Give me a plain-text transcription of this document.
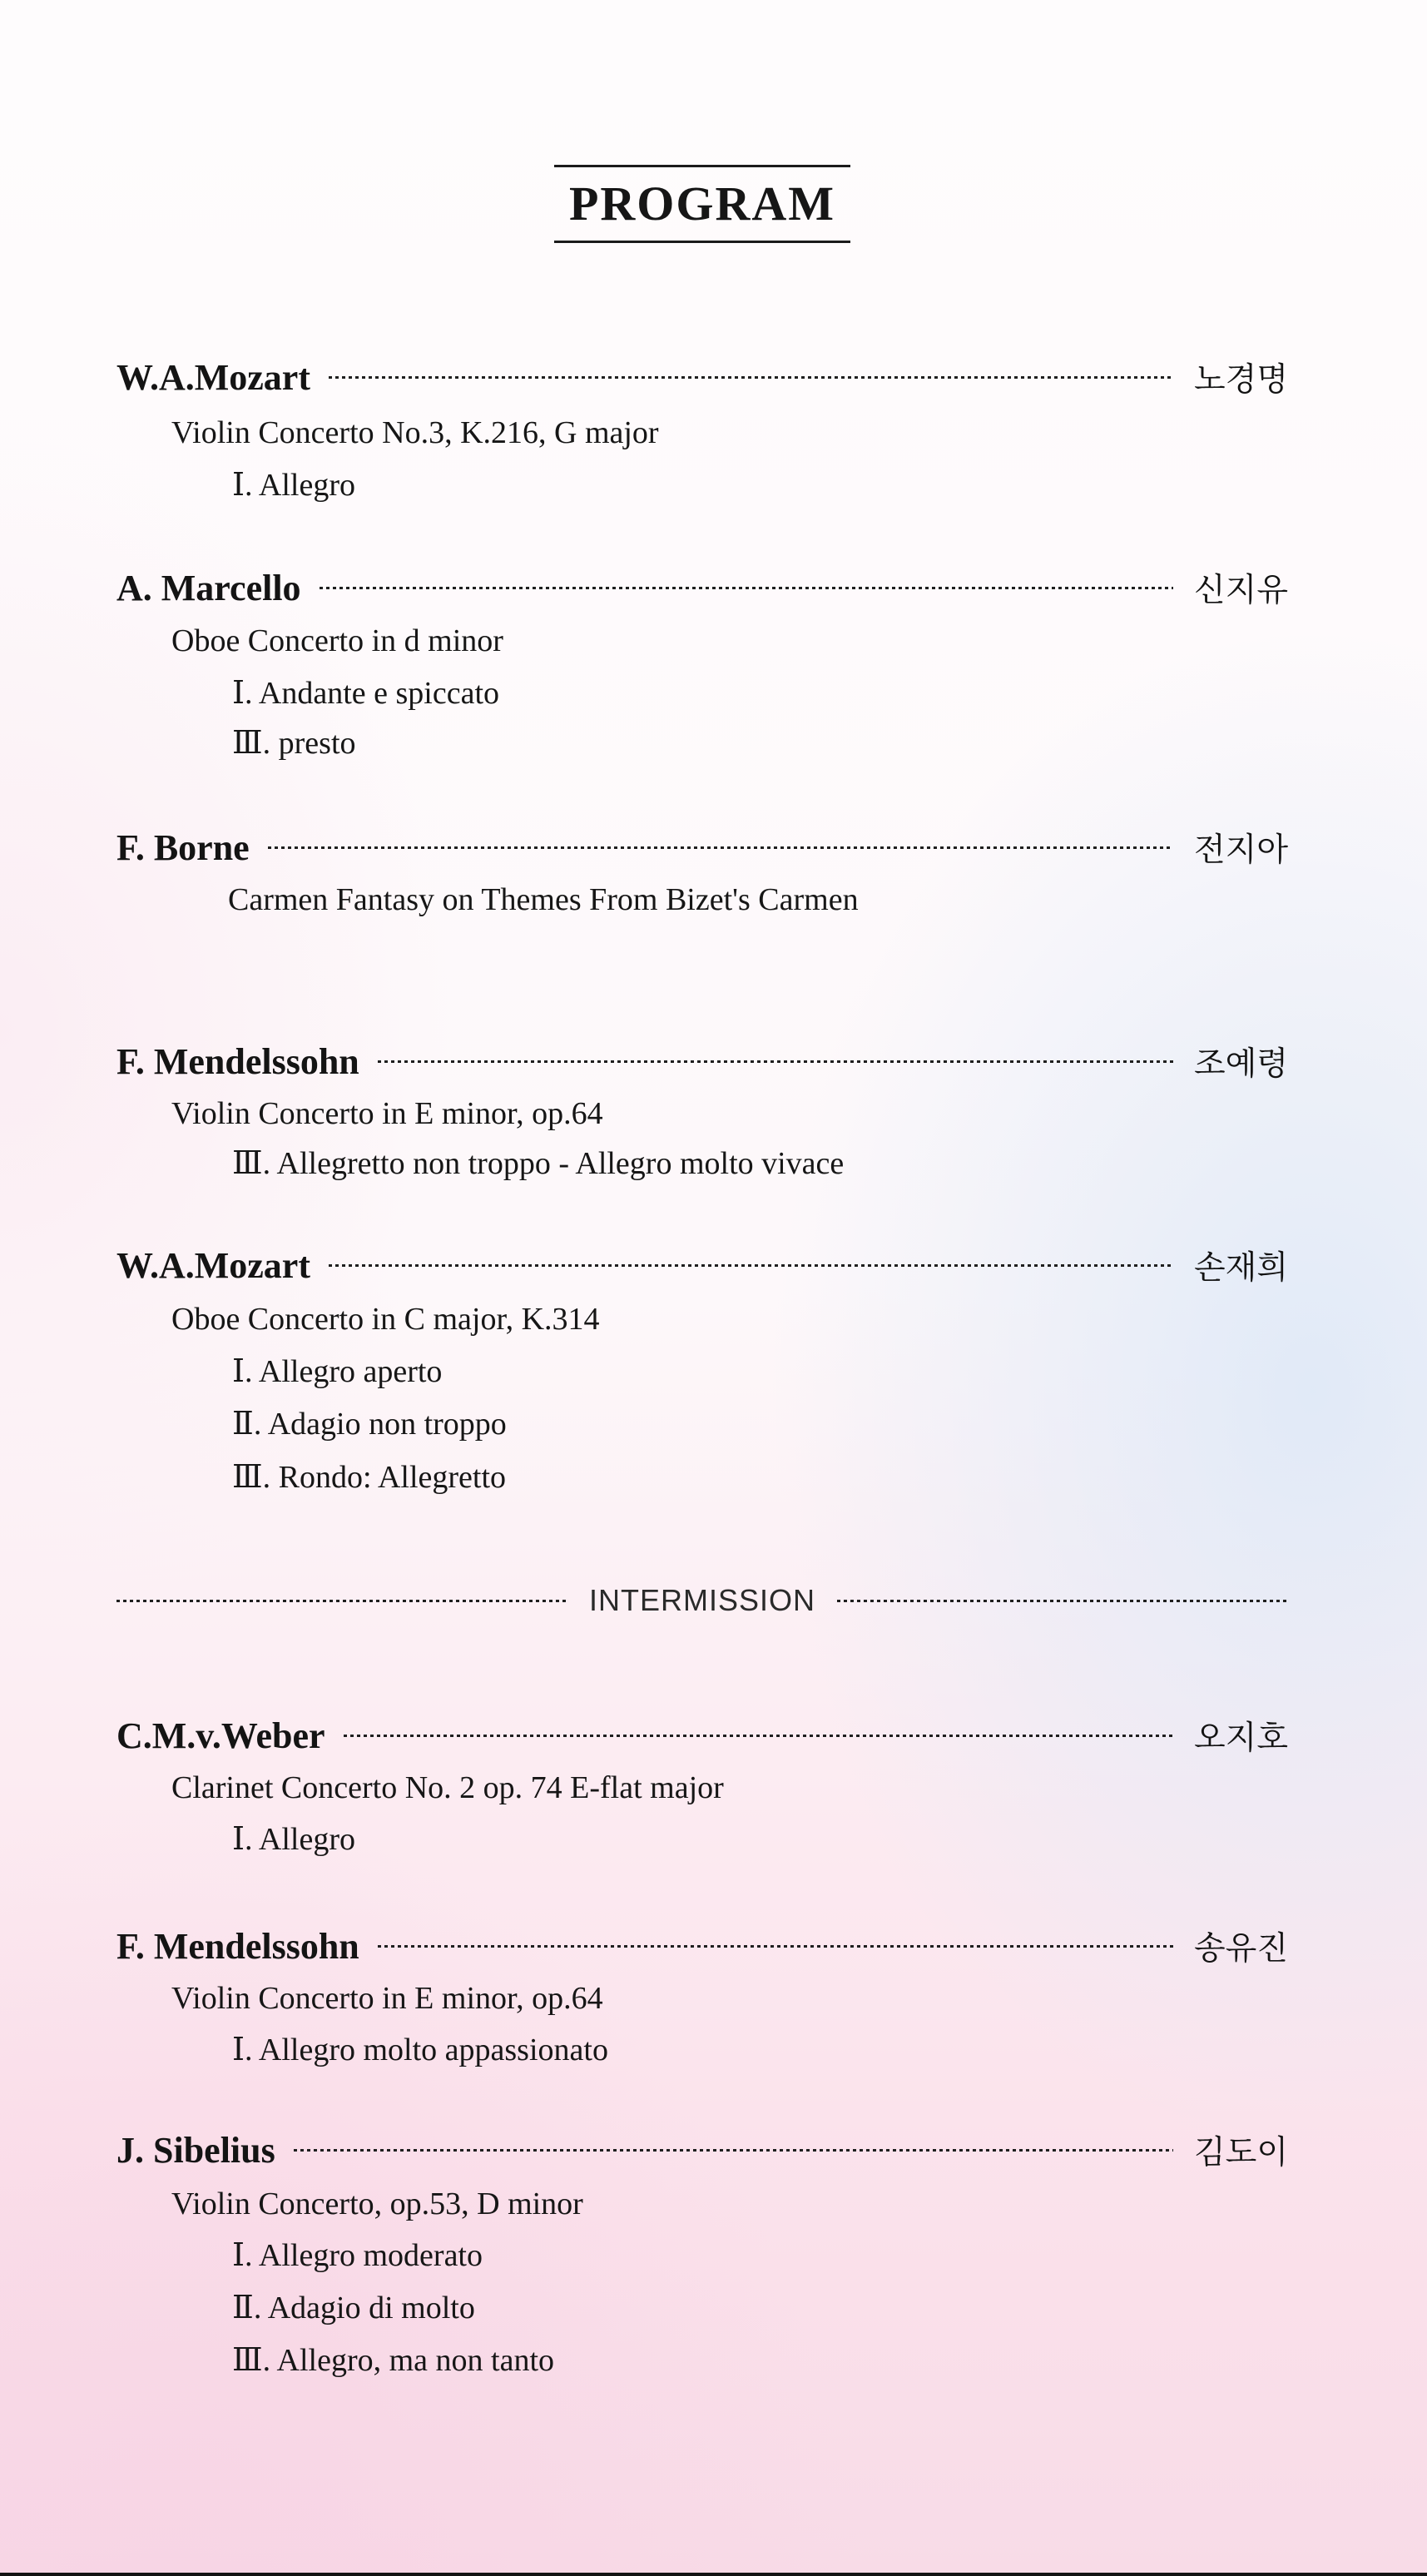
PROGRAM
W.A.Mozart	노경명
Violin Concerto No.3, K.216, G major
Ⅰ. Allegro
A. Marcello	신지유
Oboe Concerto in d minor
Ⅰ. Andante e spiccato
Ⅲ. presto
F. Borne	전지아
Carmen Fantasy on Themes From Bizet's Carmen
F. Mendelssohn	조예령
Violin Concerto in E minor, op.64
Ⅲ. Allegretto non troppo - Allegro molto vivace
W.A.Mozart	손재희
Oboe Concerto in C major, K.314
Ⅰ. Allegro aperto
Ⅱ. Adagio non troppo
Ⅲ. Rondo: Allegretto
INTERMISSION
C.M.v.Weber	오지호
Clarinet Concerto No. 2 op. 74 E-flat major
Ⅰ. Allegro
F. Mendelssohn	송유진
Violin Concerto in E minor, op.64
Ⅰ. Allegro molto appassionato
J. Sibelius	김도이
Violin Concerto, op.53, D minor
Ⅰ. Allegro moderato
Ⅱ. Adagio di molto
Ⅲ. Allegro, ma non tanto
